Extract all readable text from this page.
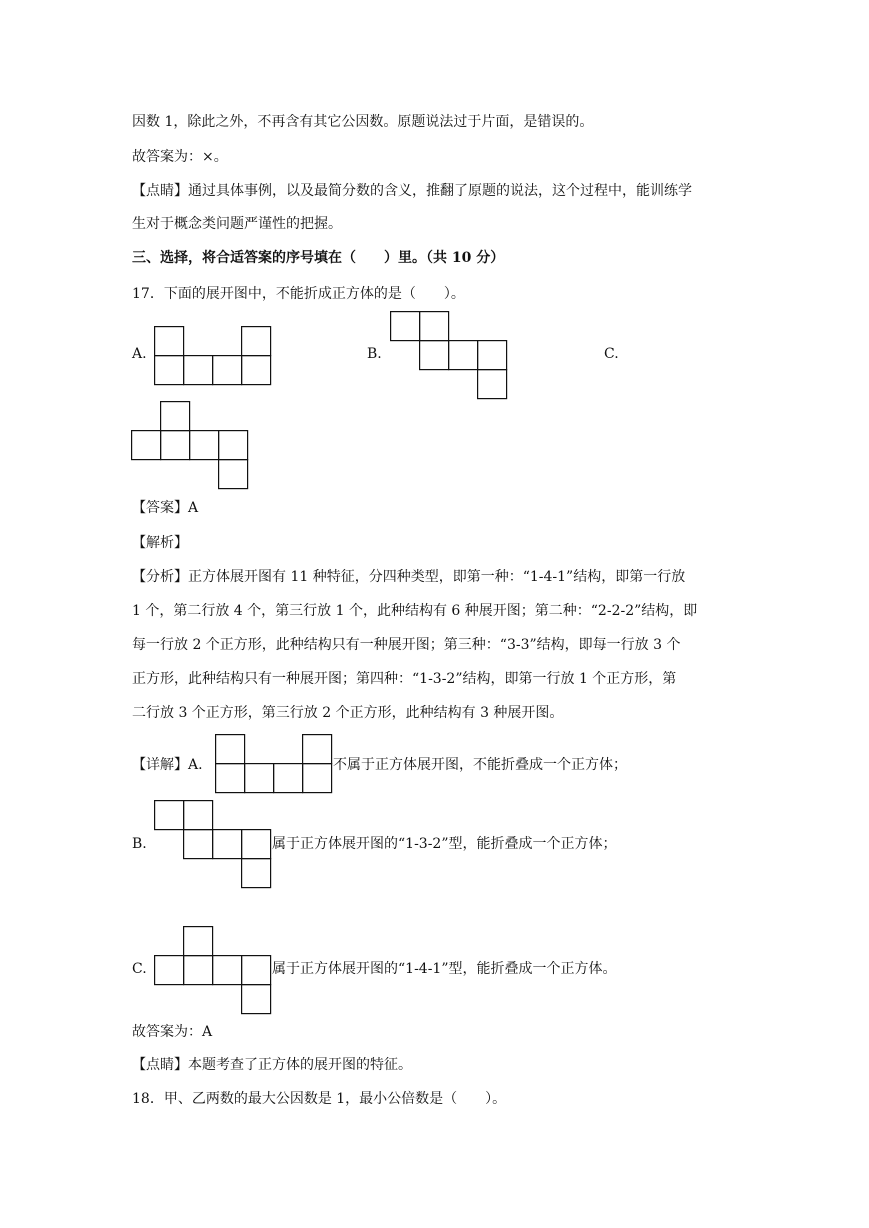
因数 1，除此之外，不再含有其它公因数。原题说法过于片面，是错误的。
故答案为：×。
【点睛】通过具体事例，以及最简分数的含义，推翻了原题的说法，这个过程中，能训练学
生对于概念类问题严谨性的把握。
三、选择，将合适答案的序号填在（　　）里。（共 10 分）
17．下面的展开图中，不能折成正方体的是（　　）。
A.	B.	C.
【答案】A
【解析】
【分析】正方体展开图有 11 种特征，分四种类型，即第一种：“1-4-1”结构，即第一行放
1 个，第二行放 4 个，第三行放 1 个，此种结构有 6 种展开图；第二种：“2-2-2”结构，即
每一行放 2 个正方形，此种结构只有一种展开图；第三种：“3-3”结构，即每一行放 3 个
正方形，此种结构只有一种展开图；第四种：“1-3-2”结构，即第一行放 1 个正方形，第
二行放 3 个正方形，第三行放 2 个正方形，此种结构有 3 种展开图。
【详解】A.	不属于正方体展开图，不能折叠成一个正方体；
B.	属于正方体展开图的“1-3-2”型，能折叠成一个正方体；
C.	属于正方体展开图的“1-4-1”型，能折叠成一个正方体。
故答案为：A
【点睛】本题考查了正方体的展开图的特征。
18．甲、乙两数的最大公因数是 1，最小公倍数是（　　）。
